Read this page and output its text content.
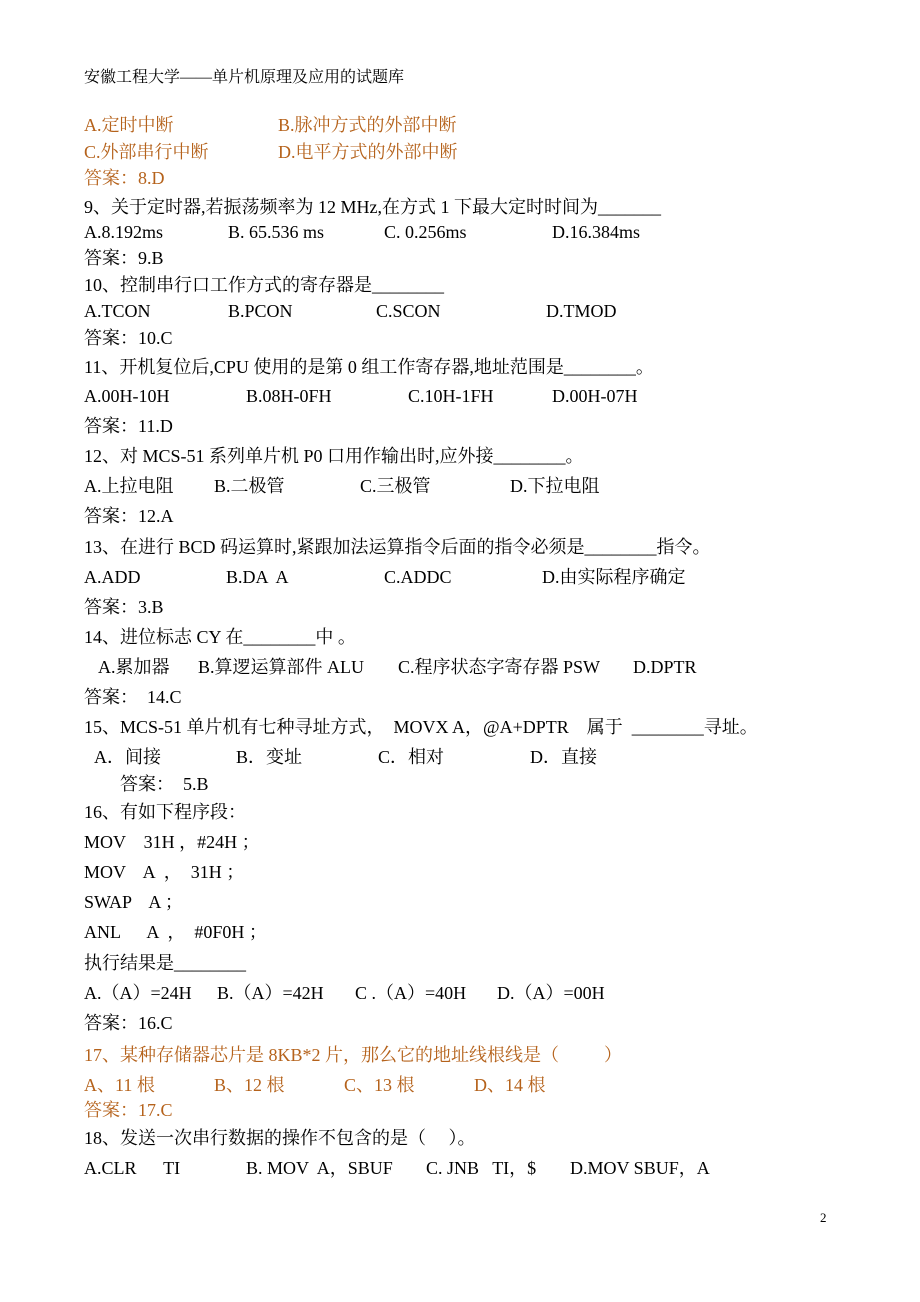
安徽工程大学——单片机原理及应用的试题库
A.定时中断	B.脉冲方式的外部中断
C.外部串行中断	D.电平方式的外部中断
答案：8.D
9、关于定时器,若振荡频率为 12 MHz,在方式 1 下最大定时时间为_______
A.8.192ms	B. 65.536 ms	C. 0.256ms	D.16.384ms
答案：9.B
10、控制串行口工作方式的寄存器是________
A.TCON	B.PCON	C.SCON	D.TMOD
答案：10.C
11、开机复位后,CPU 使用的是第 0 组工作寄存器,地址范围是________。
A.00H-10H	B.08H-0FH	C.10H-1FH	D.00H-07H
答案：11.D
12、对 MCS-51 系列单片机 P0 口用作输出时,应外接________。
A.上拉电阻 B.二极管	C.三极管	D.下拉电阻
答案：12.A
13、在进行 BCD 码运算时,紧跟加法运算指令后面的指令必须是________指令。
A.ADD	B.DA  A	C.ADDC	D.由实际程序确定
答案：3.B
14、进位标志 CY 在________中 。
A.累加器 B.算逻运算部件 ALU C.程序状态字寄存器 PSW D.DPTR
答案：  14.C
15、MCS-51 单片机有七种寻址方式，  MOVX A，@A+DPTR    属于  ________寻址。
A．间接	B．变址	C．相对	D．直接
答案：  5.B
16、有如下程序段：
MOV    31H ，#24H ；
MOV    A  ，  31H ；
SWAP    A ；
ANL      A  ，  #0F0H ；
执行结果是________
A.（A）=24H B.（A）=42H C .（A）=40H D.（A）=00H
答案：16.C
17、某种存储器芯片是 8KB*2 片，那么它的地址线根线是（          ）
A、11 根	B、12 根	C、13 根	D、14 根
答案：17.C
18、发送一次串行数据的操作不包含的是（     ）。
A.CLR      TI	B. MOV  A，SBUF C. JNB   TI，$ D.MOV SBUF，A
2
